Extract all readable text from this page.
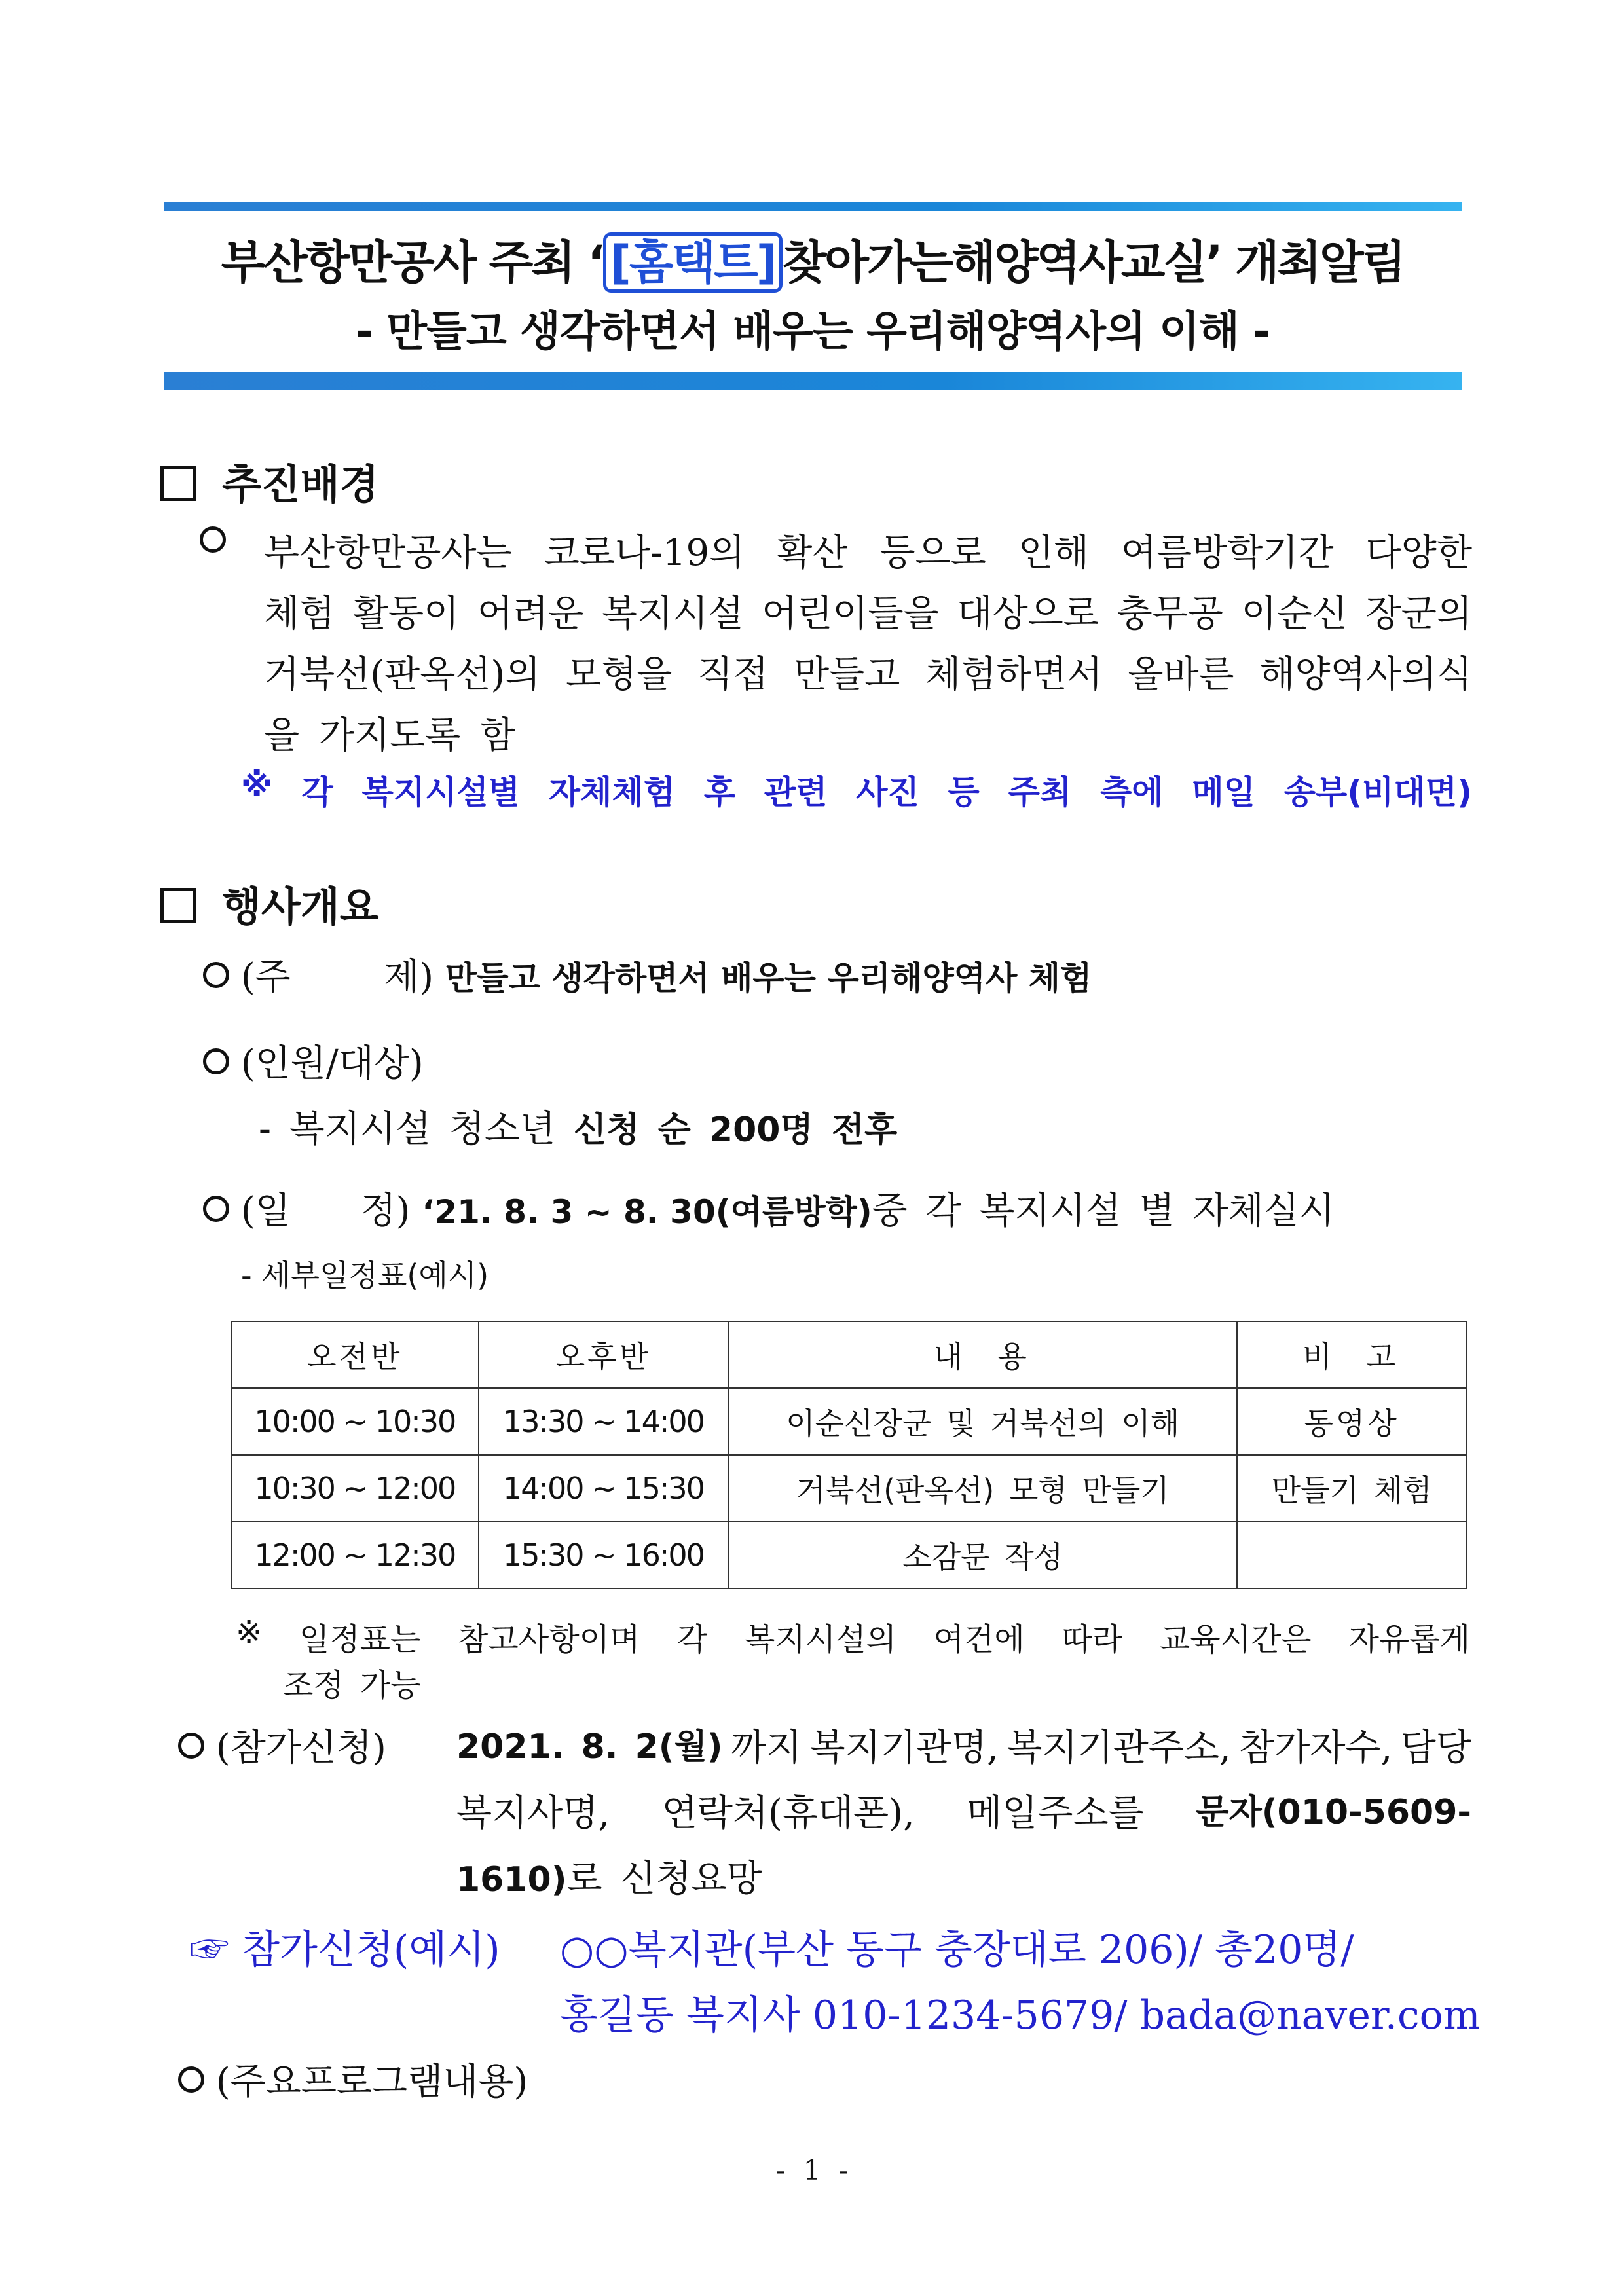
부산항만공사 주최 ‘ [홈택트] 찾아가는해양역사교실’ 개최알림
- 만들고 생각하면서 배우는 우리해양역사의 이해 -
추진배경
부산항만공사는 코로나-19의 확산 등으로 인해 여름방학기간 다양한
체험 활동이 어려운 복지시설 어린이들을 대상으로 충무공 이순신 장군의
거북선(판옥선)의 모형을 직접 만들고 체험하면서 올바른 해양역사의식
을 가지도록 함
※ 각 복지시설별 자체체험 후 관련 사진 등 주최 측에 메일 송부(비대면)
행사개요
(주        제) 만들고 생각하면서 배우는 우리해양역사 체험
(인원/대상)
- 복지시설 청소년 신청 순 200명 전후
(일      정) ‘21. 8. 3 ~ 8. 30(여름방학)중 각 복지시설 별 자체실시
- 세부일정표(예시)
오전반	오후반	내  용	비  고
10:00 ~ 10:30	13:30 ~ 14:00	이순신장군 및 거북선의 이해	동영상
10:30 ~ 12:00	14:00 ~ 15:30	거북선(판옥선) 모형 만들기	만들기 체험
12:00 ~ 12:30	15:30 ~ 16:00	소감문 작성	
※ 일정표는 참고사항이며 각 복지시설의 여건에 따라 교육시간은 자유롭게
조정 가능
(참가신청) 2021. 8. 2(월) 까지 복지기관명, 복지기관주소, 참가자수, 담당
복지사명, 연락처(휴대폰), 메일주소를 문자(010-5609-
1610)로 신청요망
☞ 참가신청(예시) ○○복지관(부산 동구 충장대로 206)/ 총20명/
홍길동 복지사 010-1234-5679/ bada@naver.com
(주요프로그램내용)
- 1 -
